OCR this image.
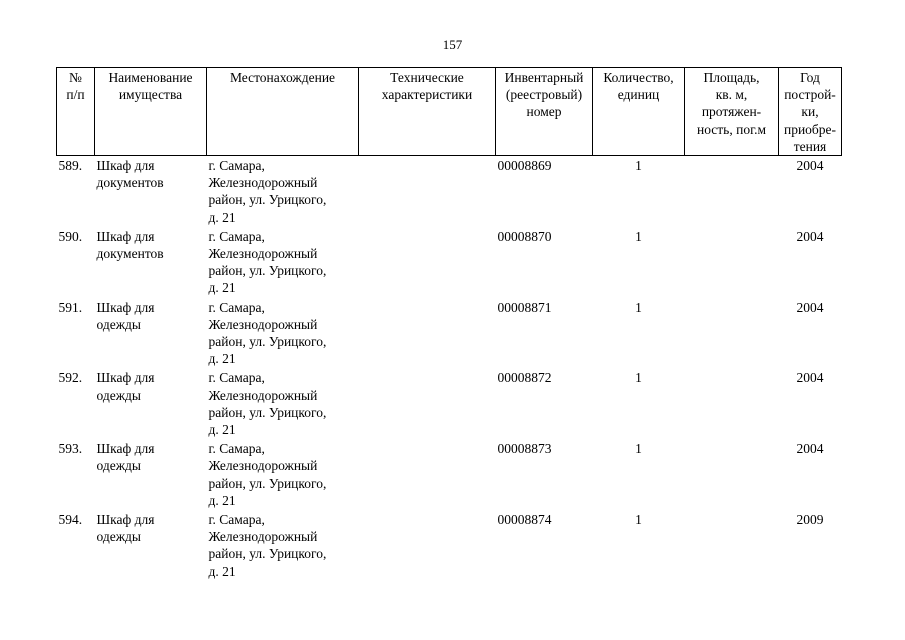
157
№
п/п	Наименование
имущества	Местонахождение	Технические
характеристики	Инвентарный
(реестровый)
номер	Количество,
единиц	Площадь,
кв. м,
протяжен-
ность, пог.м	Год
построй-
ки,
приобре-
тения

589.	Шкаф для
документов	г. Самара,
Железнодорожный
район, ул. Урицкого,
д. 21		00008869	1		2004
590.	Шкаф для
документов	г. Самара,
Железнодорожный
район, ул. Урицкого,
д. 21		00008870	1		2004
591.	Шкаф для
одежды	г. Самара,
Железнодорожный
район, ул. Урицкого,
д. 21		00008871	1		2004
592.	Шкаф для
одежды	г. Самара,
Железнодорожный
район, ул. Урицкого,
д. 21		00008872	1		2004
593.	Шкаф для
одежды	г. Самара,
Железнодорожный
район, ул. Урицкого,
д. 21		00008873	1		2004
594.	Шкаф для
одежды	г. Самара,
Железнодорожный
район, ул. Урицкого,
д. 21		00008874	1		2009
